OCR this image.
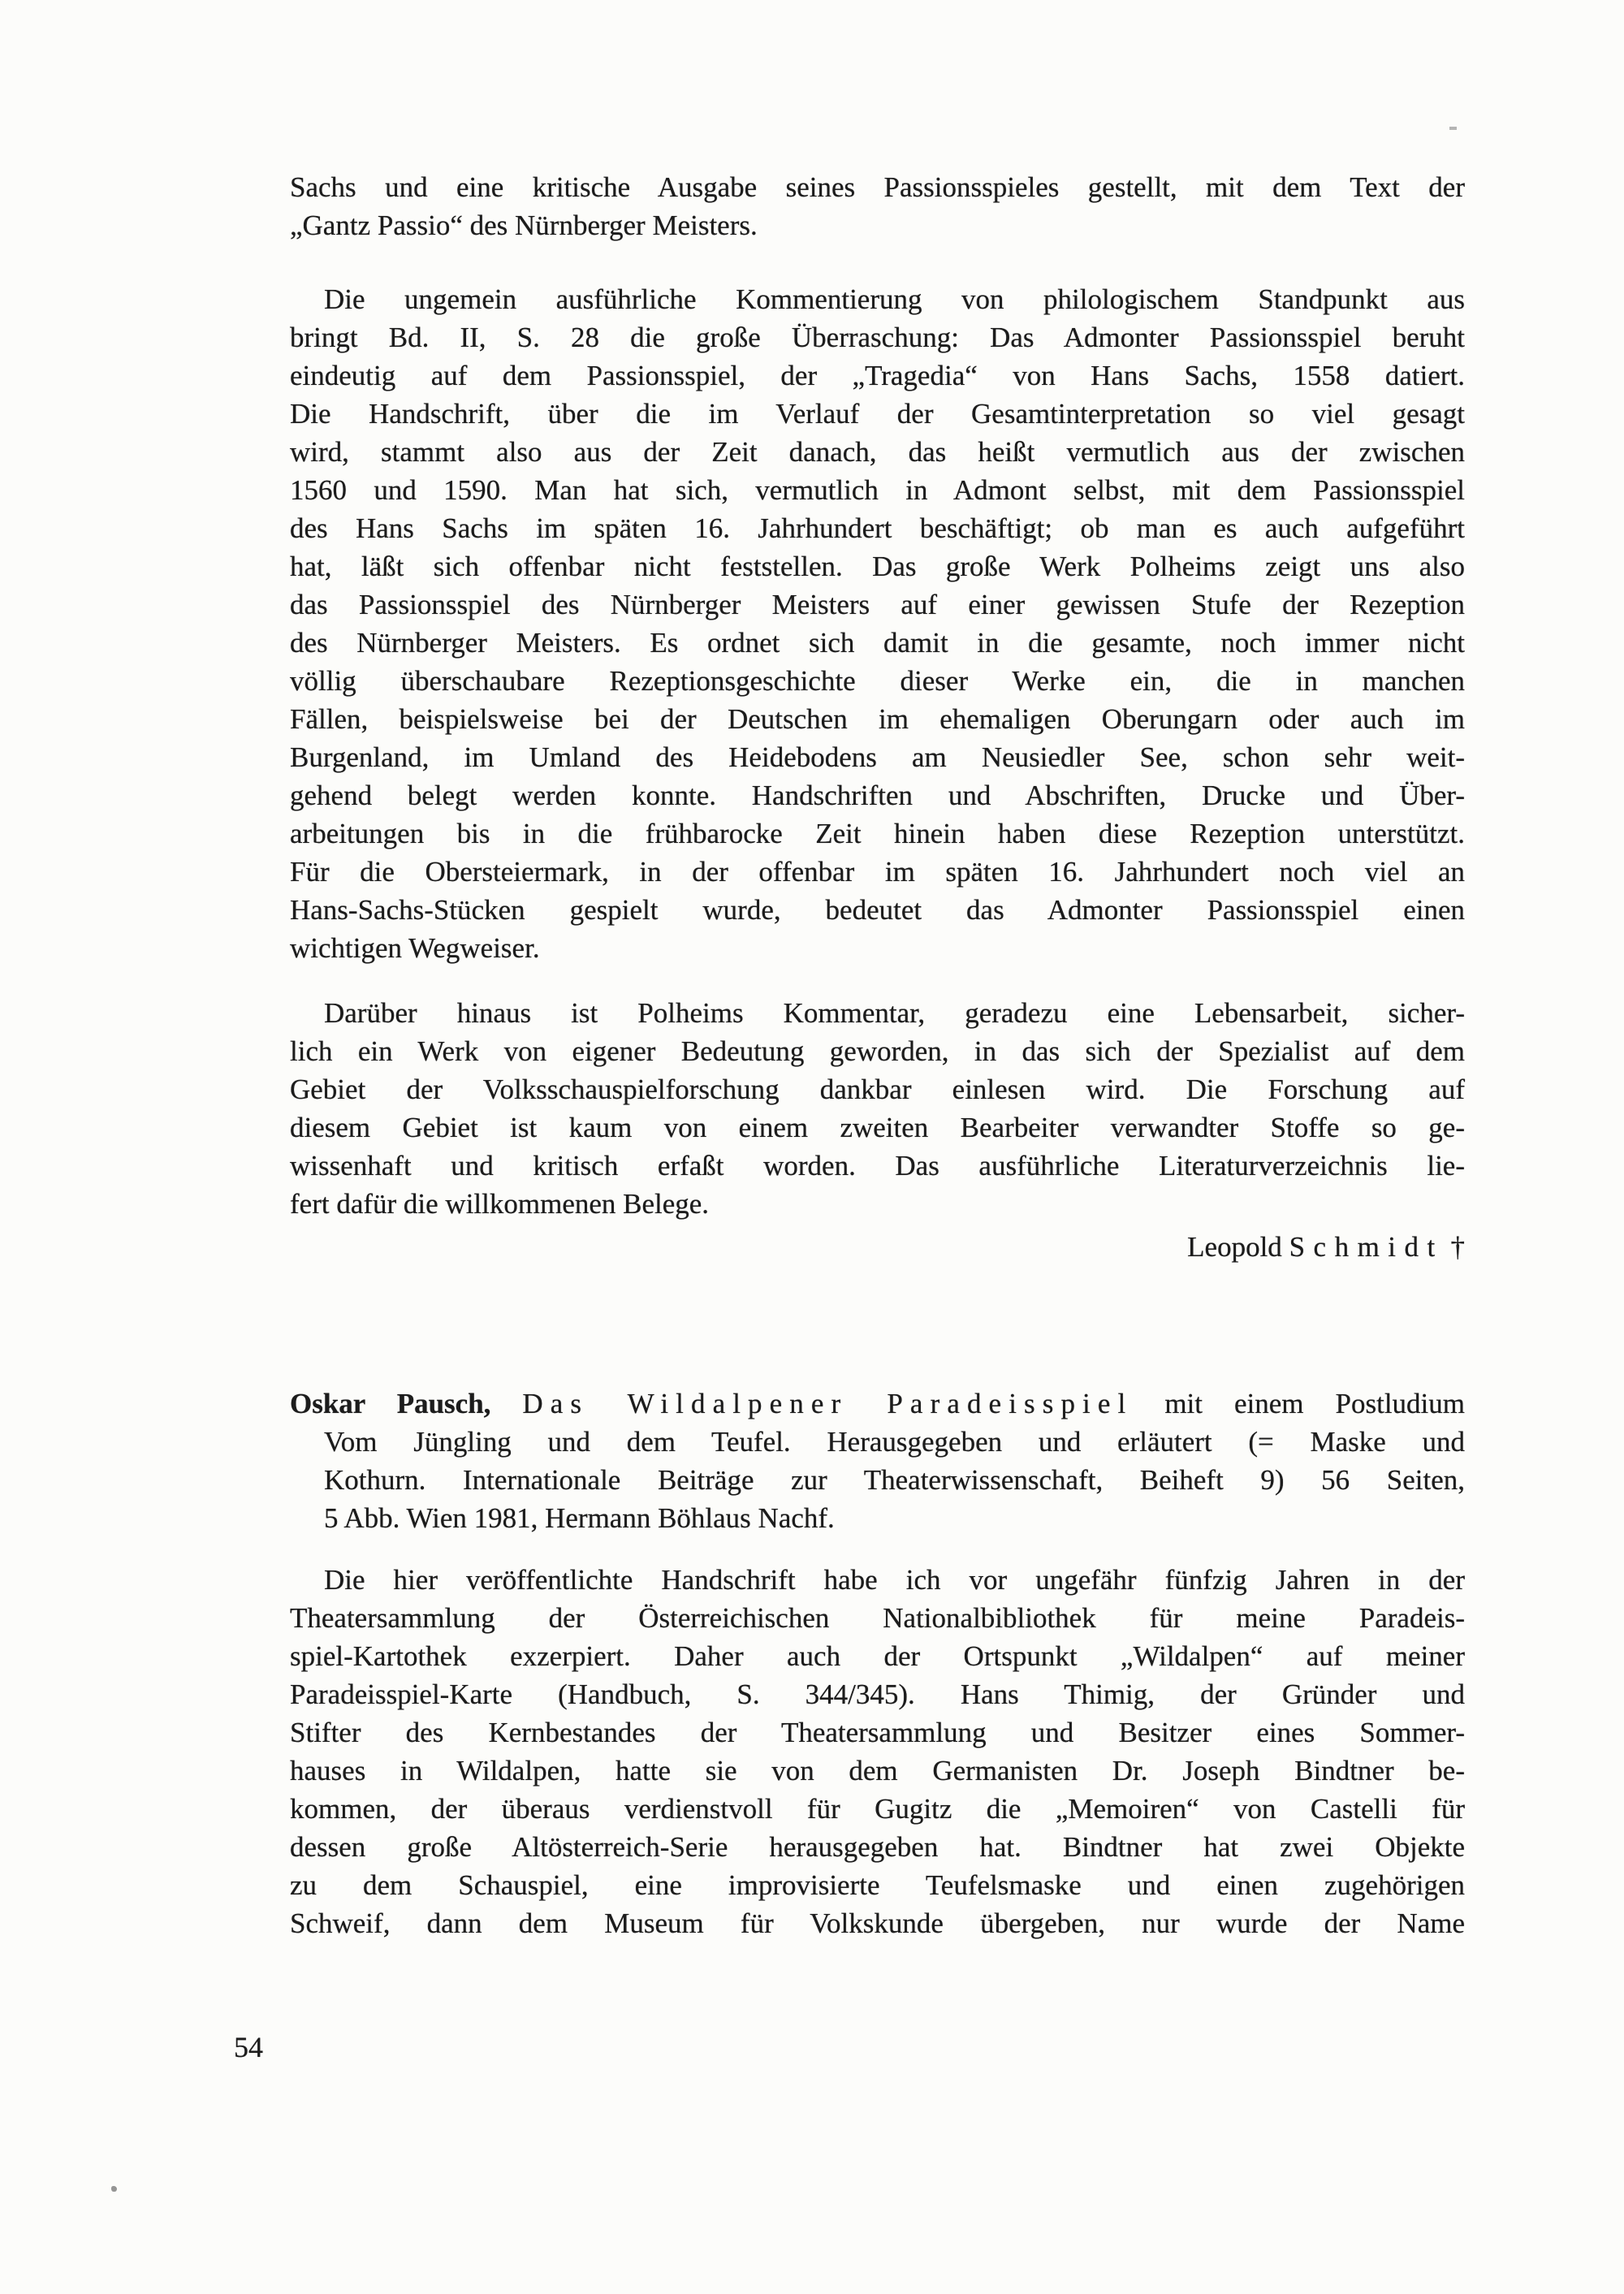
Sachs und eine kritische Ausgabe seines Passionsspieles gestellt, mit dem Text der
„Gantz Passio“ des Nürnberger Meisters.
Die ungemein ausführliche Kommentierung von philologischem Standpunkt aus
bringt Bd. II, S. 28 die große Überraschung: Das Admonter Passionsspiel beruht
eindeutig auf dem Passionsspiel, der „Tragedia“ von Hans Sachs, 1558 datiert.
Die Handschrift, über die im Verlauf der Gesamtinterpretation so viel gesagt
wird, stammt also aus der Zeit danach, das heißt vermutlich aus der zwischen
1560 und 1590. Man hat sich, vermutlich in Admont selbst, mit dem Passionsspiel
des Hans Sachs im späten 16. Jahrhundert beschäftigt; ob man es auch aufgeführt
hat, läßt sich offenbar nicht feststellen. Das große Werk Polheims zeigt uns also
das Passionsspiel des Nürnberger Meisters auf einer gewissen Stufe der Rezeption
des Nürnberger Meisters. Es ordnet sich damit in die gesamte, noch immer nicht
völlig überschaubare Rezeptionsgeschichte dieser Werke ein, die in manchen
Fällen, beispielsweise bei der Deutschen im ehemaligen Oberungarn oder auch im
Burgenland, im Umland des Heidebodens am Neusiedler See, schon sehr weit-
gehend belegt werden konnte. Handschriften und Abschriften, Drucke und Über-
arbeitungen bis in die frühbarocke Zeit hinein haben diese Rezeption unterstützt.
Für die Obersteiermark, in der offenbar im späten 16. Jahrhundert noch viel an
Hans-Sachs-Stücken gespielt wurde, bedeutet das Admonter Passionsspiel einen
wichtigen Wegweiser.
Darüber hinaus ist Polheims Kommentar, geradezu eine Lebensarbeit, sicher-
lich ein Werk von eigener Bedeutung geworden, in das sich der Spezialist auf dem
Gebiet der Volksschauspielforschung dankbar einlesen wird. Die Forschung auf
diesem Gebiet ist kaum von einem zweiten Bearbeiter verwandter Stoffe so ge-
wissenhaft und kritisch erfaßt worden. Das ausführliche Literaturverzeichnis lie-
fert dafür die willkommenen Belege.
Leopold Schmidt †
Oskar Pausch, Das Wildalpener Paradeisspiel mit einem Postludium
Vom Jüngling und dem Teufel. Herausgegeben und erläutert (= Maske und
Kothurn. Internationale Beiträge zur Theaterwissenschaft, Beiheft 9) 56 Seiten,
5 Abb. Wien 1981, Hermann Böhlaus Nachf.
Die hier veröffentlichte Handschrift habe ich vor ungefähr fünfzig Jahren in der
Theatersammlung der Österreichischen Nationalbibliothek für meine Paradeis-
spiel-Kartothek exzerpiert. Daher auch der Ortspunkt „Wildalpen“ auf meiner
Paradeisspiel-Karte (Handbuch, S. 344/345). Hans Thimig, der Gründer und
Stifter des Kernbestandes der Theatersammlung und Besitzer eines Sommer-
hauses in Wildalpen, hatte sie von dem Germanisten Dr. Joseph Bindtner be-
kommen, der überaus verdienstvoll für Gugitz die „Memoiren“ von Castelli für
dessen große Altösterreich-Serie herausgegeben hat. Bindtner hat zwei Objekte
zu dem Schauspiel, eine improvisierte Teufelsmaske und einen zugehörigen
Schweif, dann dem Museum für Volkskunde übergeben, nur wurde der Name
54
